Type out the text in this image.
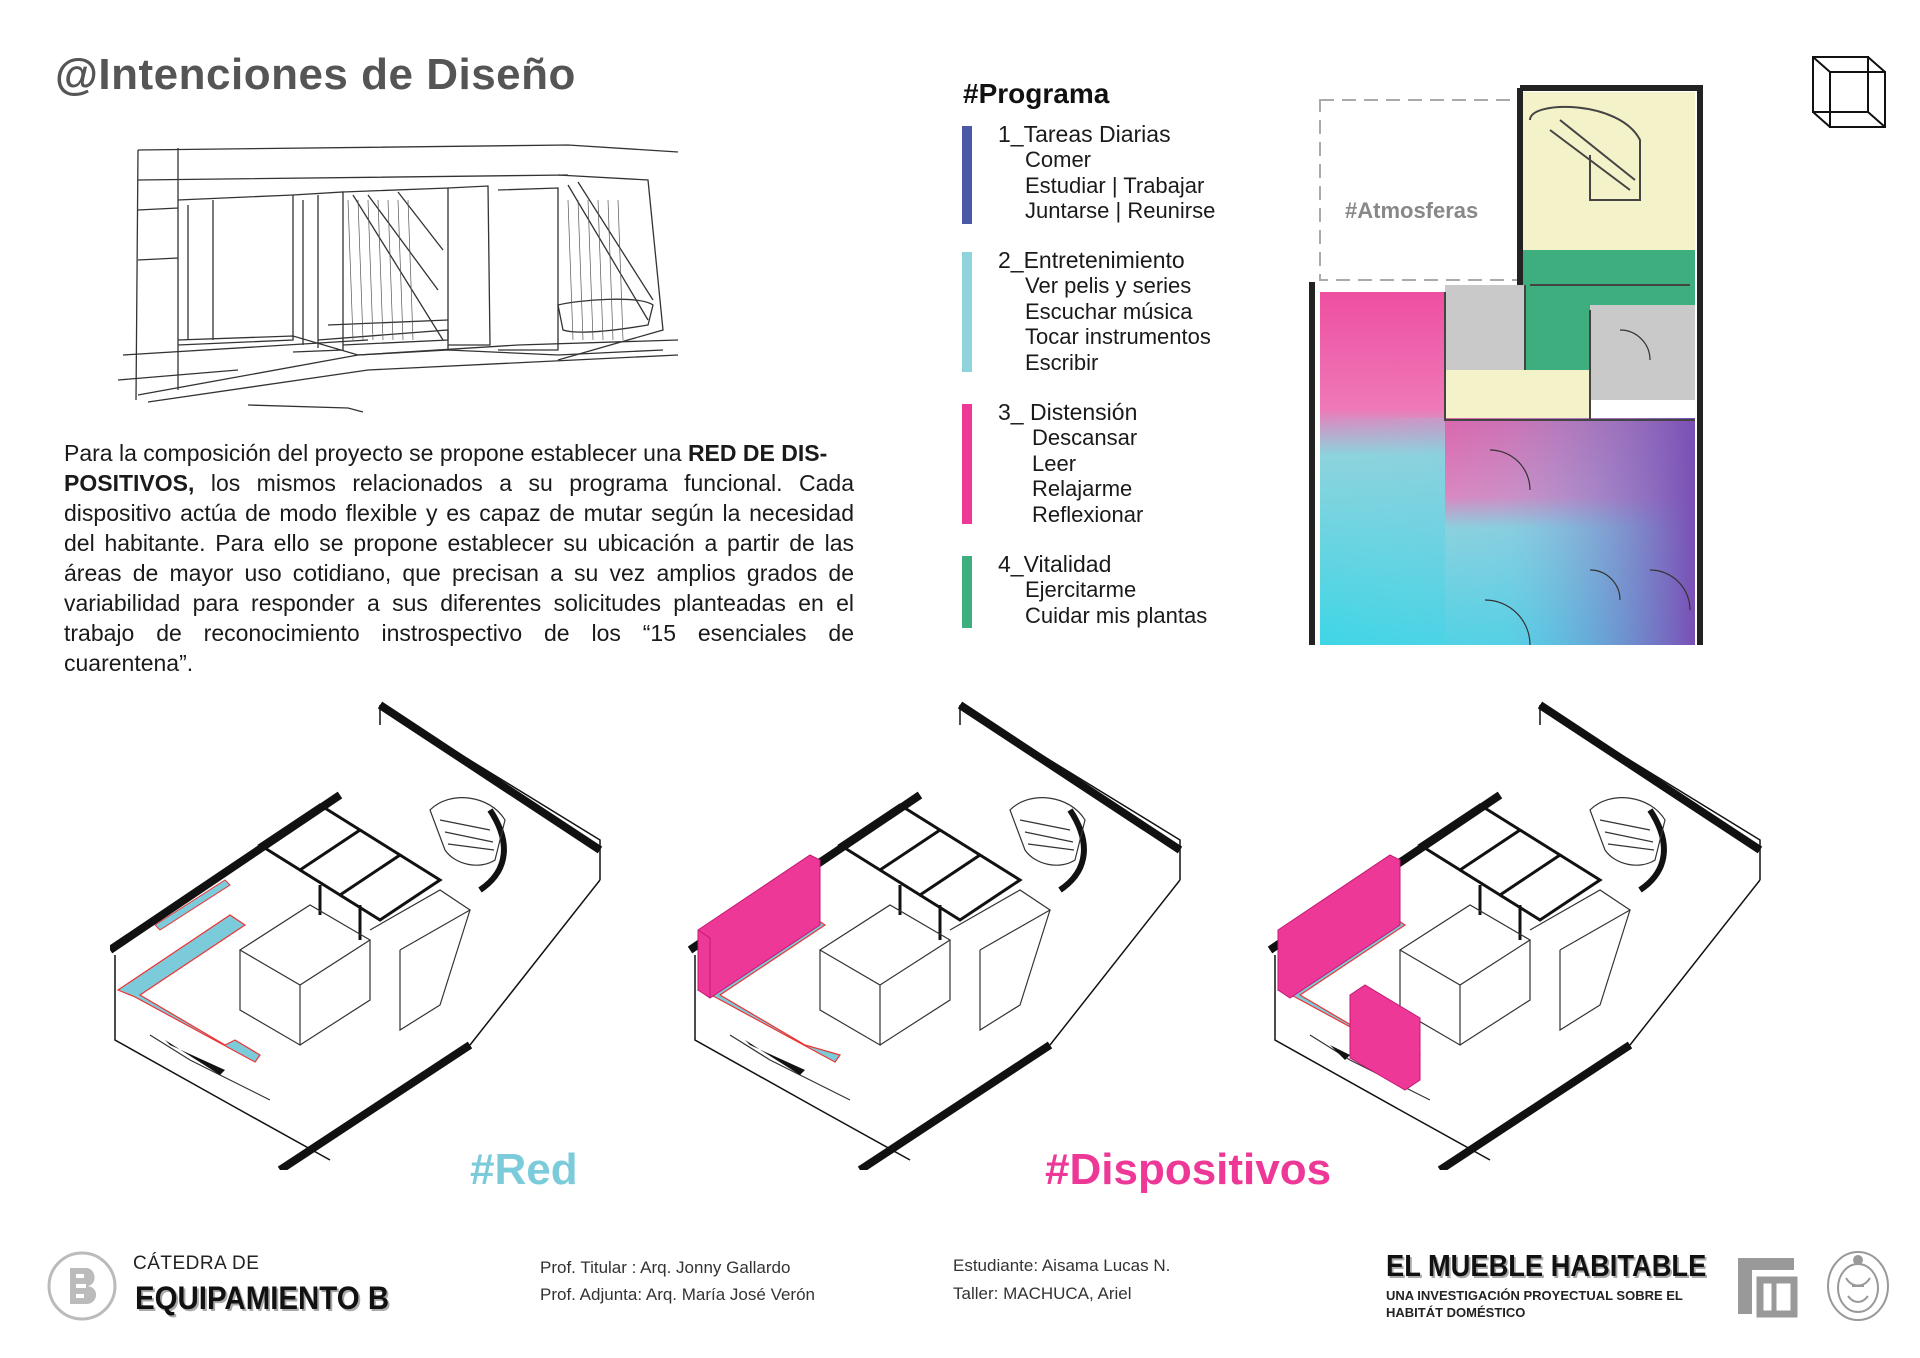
@Intenciones de Diseño
Para la composición del proyecto se propone establecer una RED DE DIS-
POSITIVOS, los mismos relacionados a su programa funcional. Cada dispositivo actúa de modo flexible y es capaz de mutar según la necesidad del habitante. Para ello se propone establecer su ubicación a partir de las áreas de mayor uso cotidiano, que precisan a su vez amplios grados de variabilidad para responder a sus diferentes solicitudes planteadas en el trabajo de reconocimiento instrospectivo de los “15 esenciales de cuarentena”.
#Programa
1_Tareas Diarias
Comer
Estudiar | Trabajar
Juntarse | Reunirse
2_Entretenimiento
Ver pelis y series
Escuchar música
Tocar instrumentos
Escribir
3_ Distensión
Descansar
Leer
Relajarme
Reflexionar
4_Vitalidad
Ejercitarme
Cuidar mis plantas
#Atmosferas
#Red	#Dispositivos
CÁTEDRA DE
EQUIPAMIENTO B
Prof. Titular : Arq. Jonny Gallardo
Prof. Adjunta: Arq. María José Verón
Estudiante: Aisama Lucas N.
Taller: MACHUCA, Ariel
EL MUEBLE HABITABLE
UNA INVESTIGACIÓN PROYECTUAL SOBRE EL HABITÁT DOMÉSTICO
